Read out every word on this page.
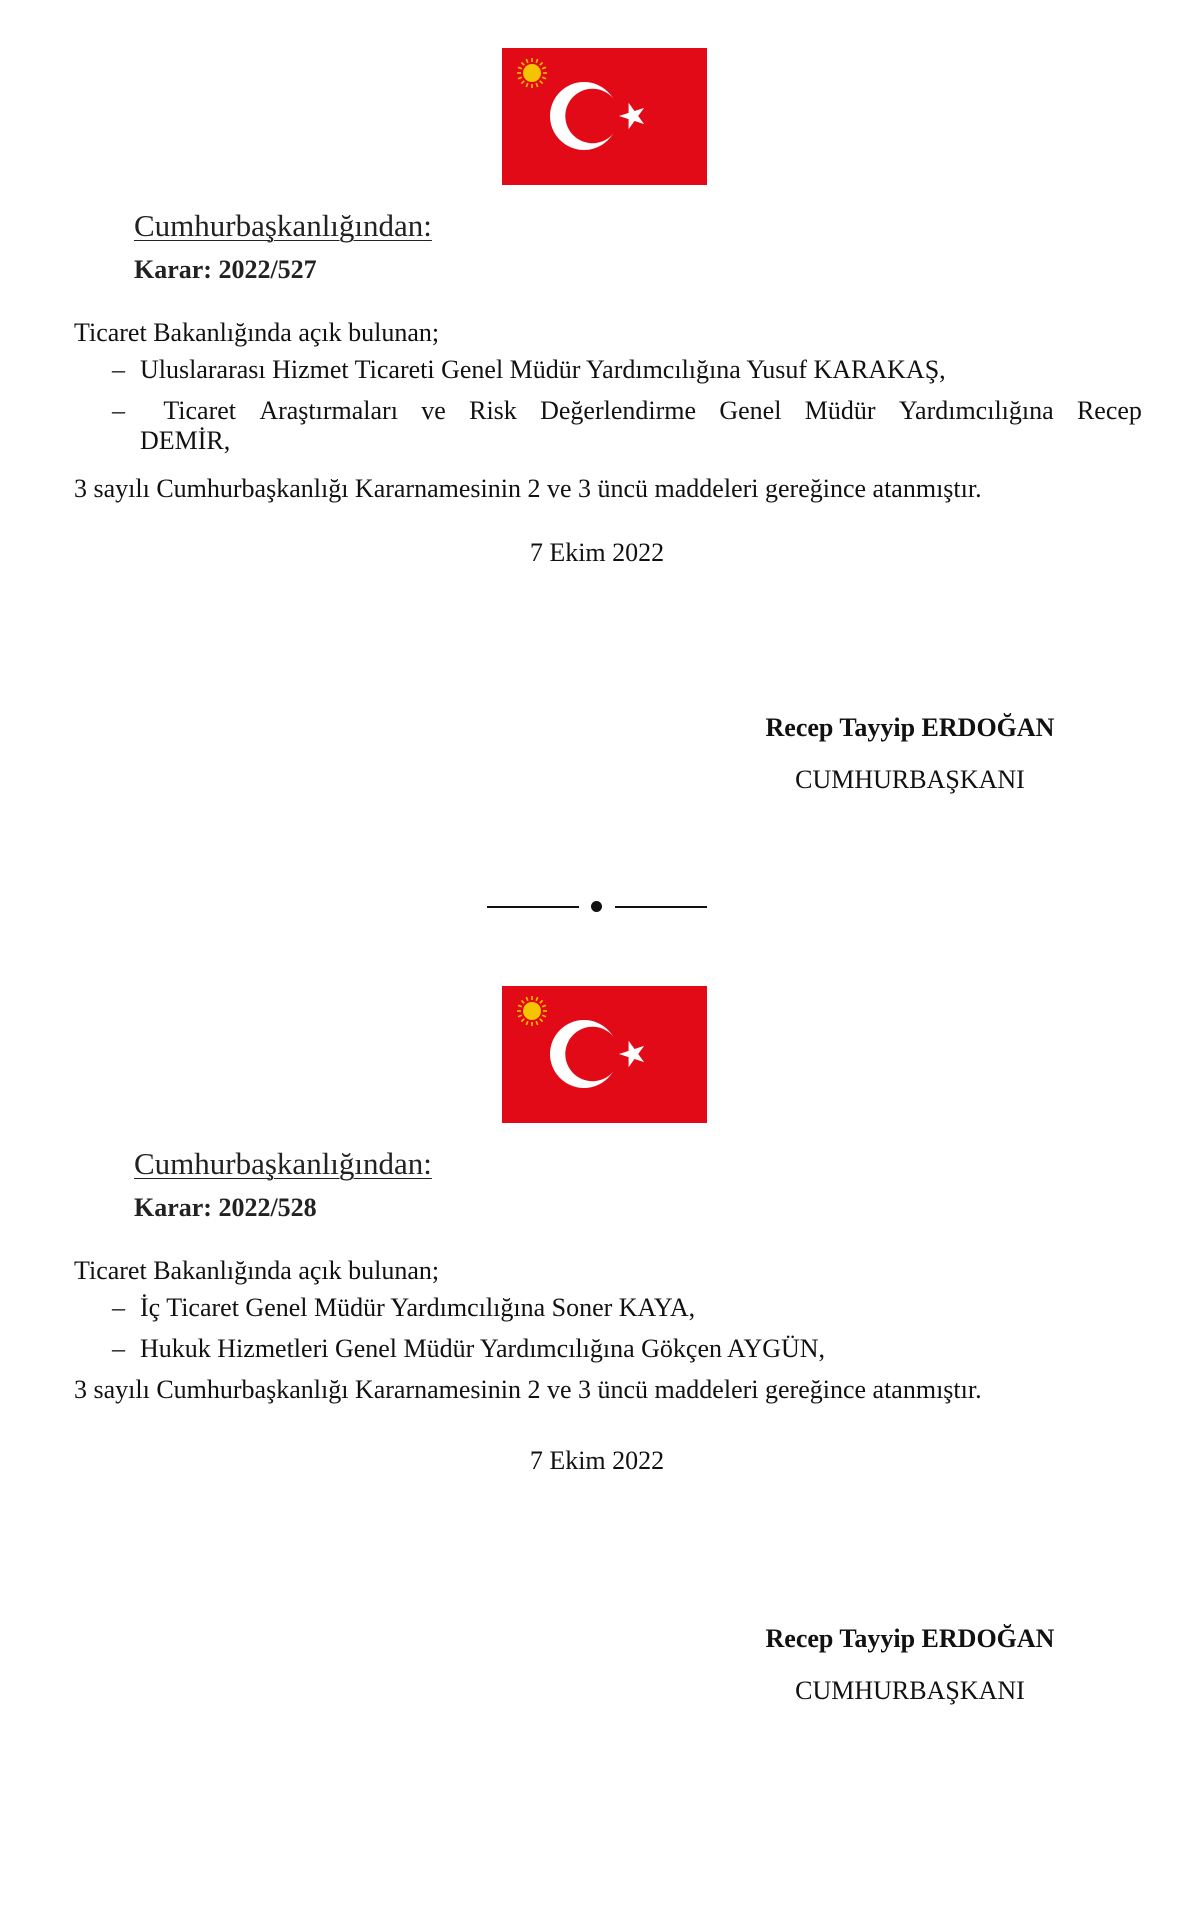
Cumhurbaşkanlığından:
Karar: 2022/527
Ticaret Bakanlığında açık bulunan;
– Uluslararası Hizmet Ticareti Genel Müdür Yardımcılığına Yusuf KARAKAŞ,
–	Ticaret Araştırmaları ve Risk Değerlendirme Genel Müdür Yardımcılığına Recep
DEMİR,
3 sayılı Cumhurbaşkanlığı Kararnamesinin 2 ve 3 üncü maddeleri gereğince atanmıştır.
7 Ekim 2022
Recep Tayyip ERDOĞAN
CUMHURBAŞKANI
Cumhurbaşkanlığından:
Karar: 2022/528
Ticaret Bakanlığında açık bulunan;
– İç Ticaret Genel Müdür Yardımcılığına Soner KAYA,
– Hukuk Hizmetleri Genel Müdür Yardımcılığına Gökçen AYGÜN,
3 sayılı Cumhurbaşkanlığı Kararnamesinin 2 ve 3 üncü maddeleri gereğince atanmıştır.
7 Ekim 2022
Recep Tayyip ERDOĞAN
CUMHURBAŞKANI
